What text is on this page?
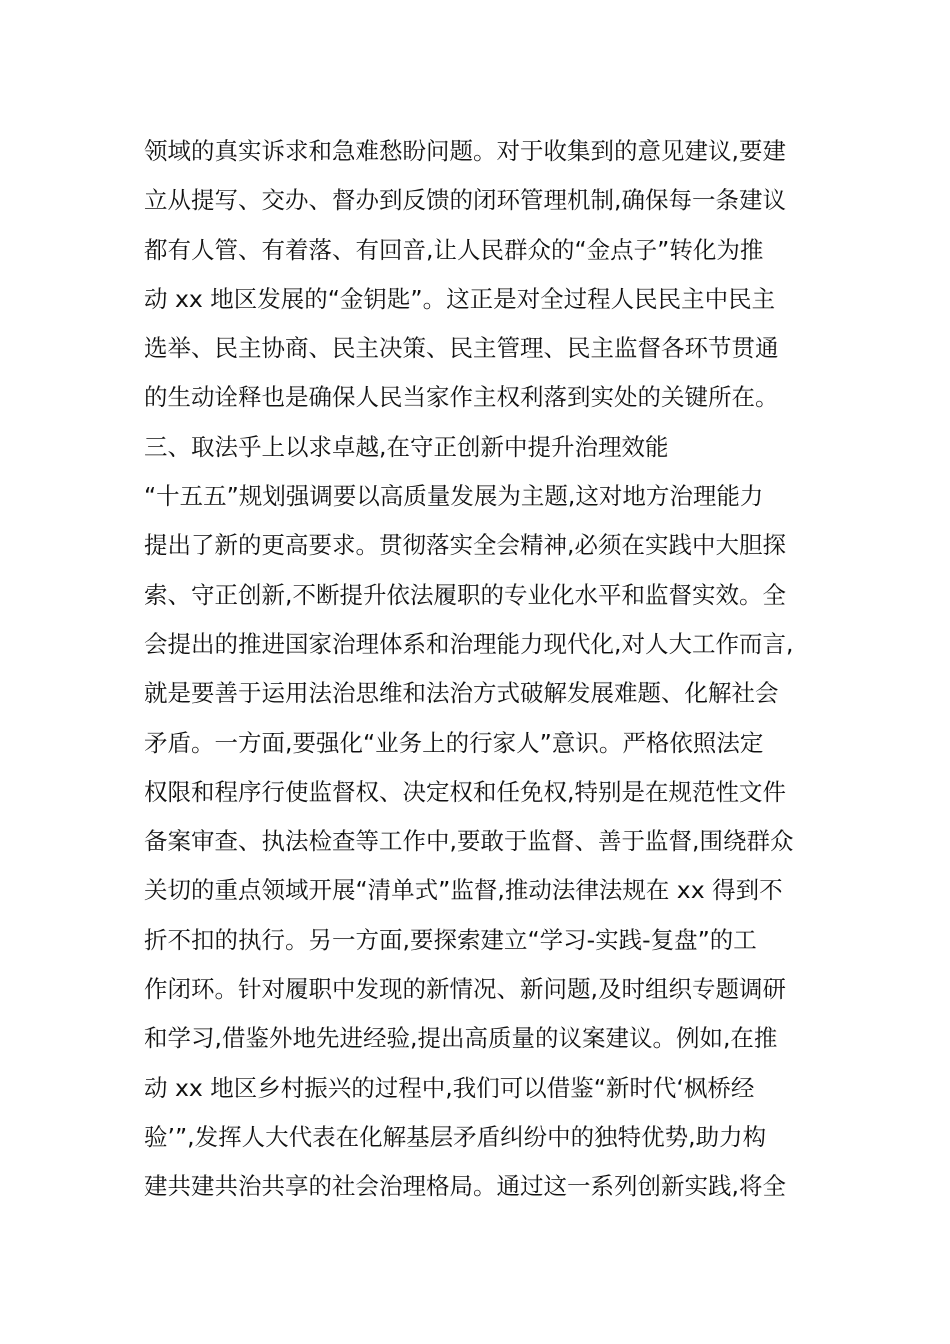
领域的真实诉求和急难愁盼问题。对于收集到的意见建议,要建
立从提写、交办、督办到反馈的闭环管理机制,确保每一条建议
都有人管、有着落、有回音,让人民群众的“金点子”转化为推
动 xx 地区发展的“金钥匙”。这正是对全过程人民民主中民主
选举、民主协商、民主决策、民主管理、民主监督各环节贯通
的生动诠释也是确保人民当家作主权利落到实处的关键所在。
三、取法乎上以求卓越,在守正创新中提升治理效能
“十五五”规划强调要以高质量发展为主题,这对地方治理能力
提出了新的更高要求。贯彻落实全会精神,必须在实践中大胆探
索、守正创新,不断提升依法履职的专业化水平和监督实效。全
会提出的推进国家治理体系和治理能力现代化,对人大工作而言,
就是要善于运用法治思维和法治方式破解发展难题、化解社会
矛盾。一方面,要强化“业务上的行家人”意识。严格依照法定
权限和程序行使监督权、决定权和任免权,特别是在规范性文件
备案审查、执法检查等工作中,要敢于监督、善于监督,围绕群众
关切的重点领域开展“清单式”监督,推动法律法规在 xx 得到不
折不扣的执行。另一方面,要探索建立“学习-实践-复盘”的工
作闭环。针对履职中发现的新情况、新问题,及时组织专题调研
和学习,借鉴外地先进经验,提出高质量的议案建议。例如,在推
动 xx 地区乡村振兴的过程中,我们可以借鉴“新时代‘枫桥经
验’”,发挥人大代表在化解基层矛盾纠纷中的独特优势,助力构
建共建共治共享的社会治理格局。通过这一系列创新实践,将全
